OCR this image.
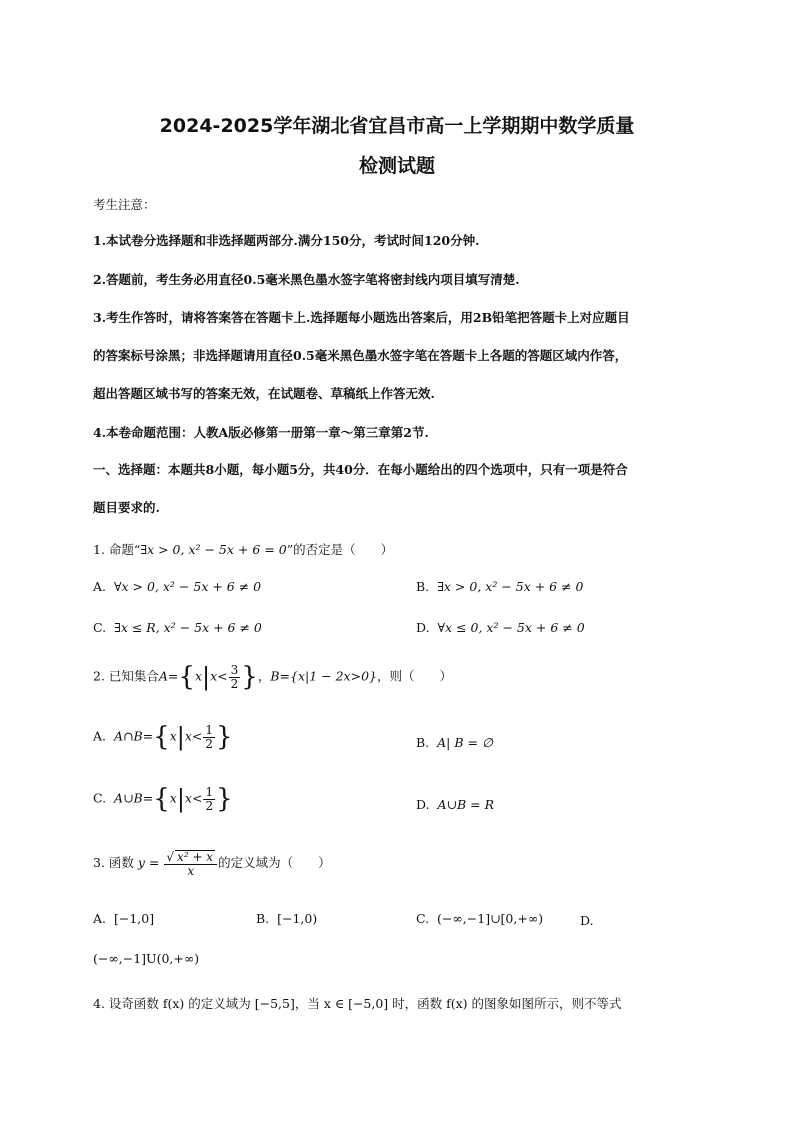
2024-2025学年湖北省宜昌市高一上学期期中数学质量
检测试题
考生注意：
1.本试卷分选择题和非选择题两部分.满分150分，考试时间120分钟.
2.答题前，考生务必用直径0.5毫米黑色墨水签字笔将密封线内项目填写清楚.
3.考生作答时，请将答案答在答题卡上.选择题每小题选出答案后，用2B铅笔把答题卡上对应题目
的答案标号涂黑；非选择题请用直径0.5毫米黑色墨水签字笔在答题卡上各题的答题区域内作答，
超出答题区域书写的答案无效，在试题卷、草稿纸上作答无效.
4.本卷命题范围：人教A版必修第一册第一章～第三章第2节.
一、选择题：本题共8小题，每小题5分，共40分．在每小题给出的四个选项中，只有一项是符合
题目要求的.
1. 命题“∃x > 0, x² − 5x + 6 = 0”的否定是（　　）
A. ∀x > 0, x² − 5x + 6 ≠ 0	B. ∃x > 0, x² − 5x + 6 ≠ 0
C. ∃x ≤ R, x² − 5x + 6 ≠ 0	D. ∀x ≤ 0, x² − 5x + 6 ≠ 0
2. 已知集合$A=\{x|x< \frac{3}{2}$ }，B={x|1 − 2x>0}，则（　　）
A. A∩B={x|x< $\frac{1}{2}$ }	B. A| B = ∅
C. A∪B={x|x< $\frac{1}{2}$ }	D. A∪B = R
3. 函数 $y = \frac{\text{√ x² + x}}{x}$ 的定义域为（　　）
A. [−1,0]	B. [−1,0)	C. (−∞,−1]∪[0,+∞)	D.
(−∞,−1]U(0,+∞)
4. 设奇函数 f(x) 的定义域为 [−5,5]，当 x ∈ [−5,0] 时，函数 f(x) 的图象如图所示，则不等式
